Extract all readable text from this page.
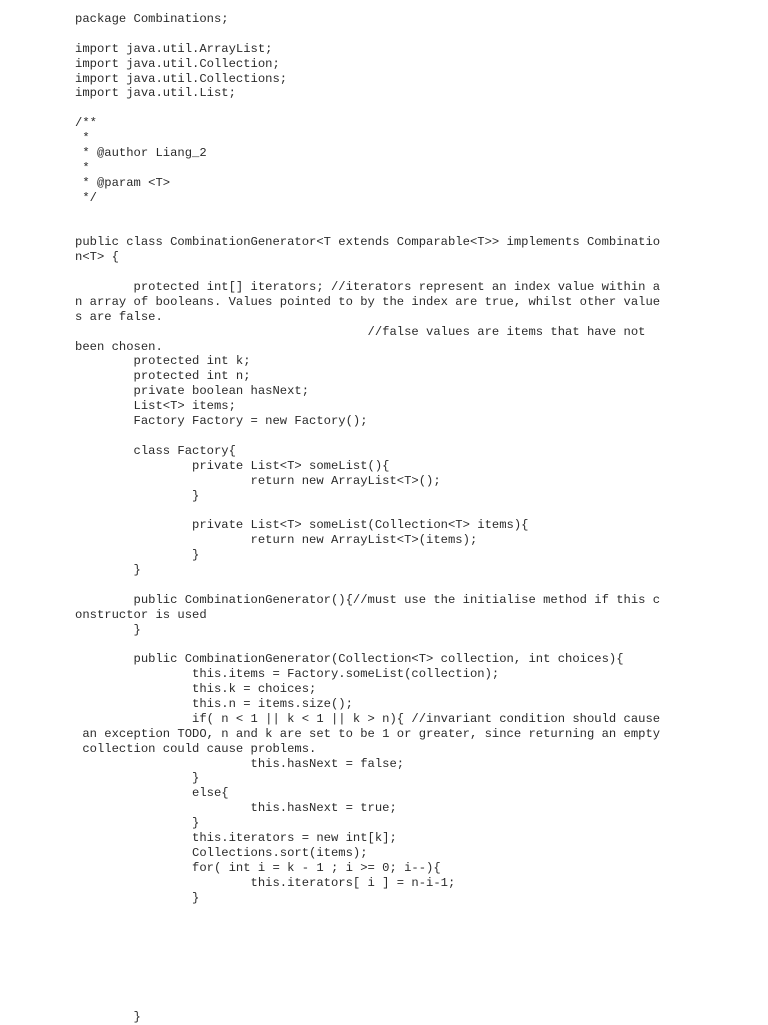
package Combinations;
import java.util.ArrayList;
import java.util.Collection;
import java.util.Collections;
import java.util.List;
/**
*
* @author Liang_2
*
* @param <T>
*/
public class CombinationGenerator<T extends Comparable<T>> implements Combinatio
n<T> {
protected int[] iterators; //iterators represent an index value within a
n array of booleans. Values pointed to by the index are true, whilst other value
s are false.
//false values are items that have not
been chosen.
protected int k;
protected int n;
private boolean hasNext;
List<T> items;
Factory Factory = new Factory();
class Factory{
private List<T> someList(){
return new ArrayList<T>();
}
private List<T> someList(Collection<T> items){
return new ArrayList<T>(items);
}
}
public CombinationGenerator(){//must use the initialise method if this c
onstructor is used
}
public CombinationGenerator(Collection<T> collection, int choices){
this.items = Factory.someList(collection);
this.k = choices;
this.n = items.size();
if( n < 1 || k < 1 || k > n){ //invariant condition should cause
an exception TODO, n and k are set to be 1 or greater, since returning an empty
collection could cause problems.
this.hasNext = false;
}
else{
this.hasNext = true;
}
this.iterators = new int[k];
Collections.sort(items);
for( int i = k - 1 ; i >= 0; i--){
this.iterators[ i ] = n-i-1;
}
}
